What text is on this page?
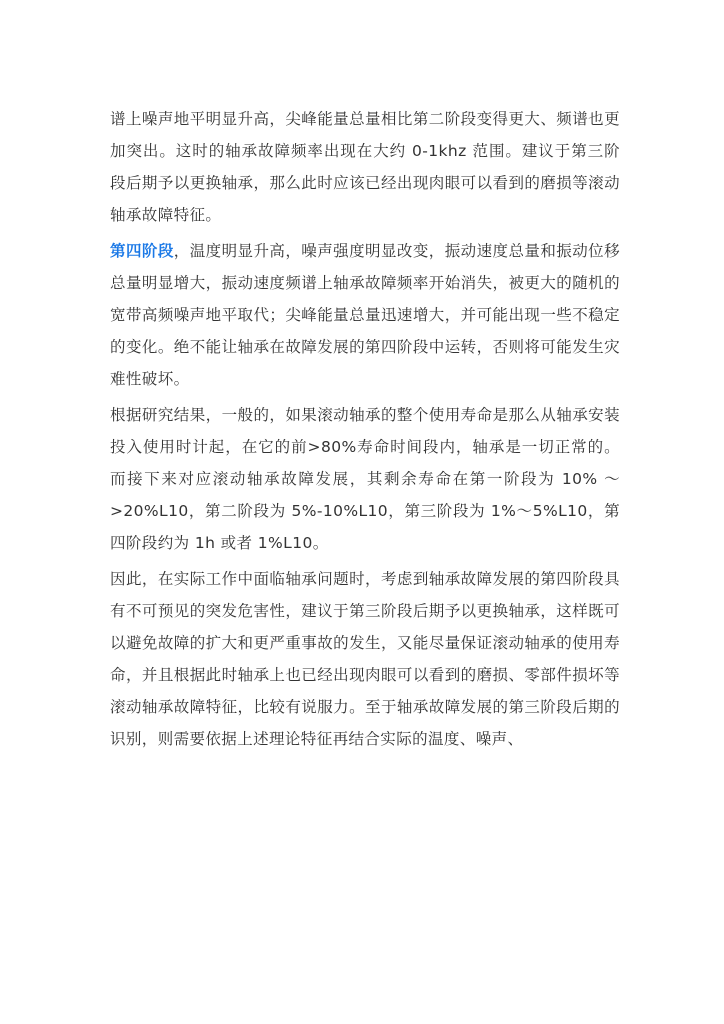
谱上噪声地平明显升高，尖峰能量总量相比第二阶段变得更大、频谱也更加突出。这时的轴承故障频率出现在大约 0-1khz 范围。建议于第三阶段后期予以更换轴承，那么此时应该已经出现肉眼可以看到的磨损等滚动轴承故障特征。

第四阶段，温度明显升高，噪声强度明显改变，振动速度总量和振动位移总量明显增大，振动速度频谱上轴承故障频率开始消失，被更大的随机的宽带高频噪声地平取代；尖峰能量总量迅速增大，并可能出现一些不稳定的变化。绝不能让轴承在故障发展的第四阶段中运转，否则将可能发生灾难性破坏。

根据研究结果，一般的，如果滚动轴承的整个使用寿命是那么从轴承安装投入使用时计起，在它的前>80%寿命时间段内，轴承是一切正常的。而接下来对应滚动轴承故障发展，其剩余寿命在第一阶段为 10% ～ >20%L10，第二阶段为 5%-10%L10，第三阶段为 1%～5%L10，第四阶段约为 1h 或者 1%L10。

因此，在实际工作中面临轴承问题时，考虑到轴承故障发展的第四阶段具有不可预见的突发危害性，建议于第三阶段后期予以更换轴承，这样既可以避免故障的扩大和更严重事故的发生，又能尽量保证滚动轴承的使用寿命，并且根据此时轴承上也已经出现肉眼可以看到的磨损、零部件损坏等滚动轴承故障特征，比较有说服力。至于轴承故障发展的第三阶段后期的识别，则需要依据上述理论特征再结合实际的温度、噪声、
